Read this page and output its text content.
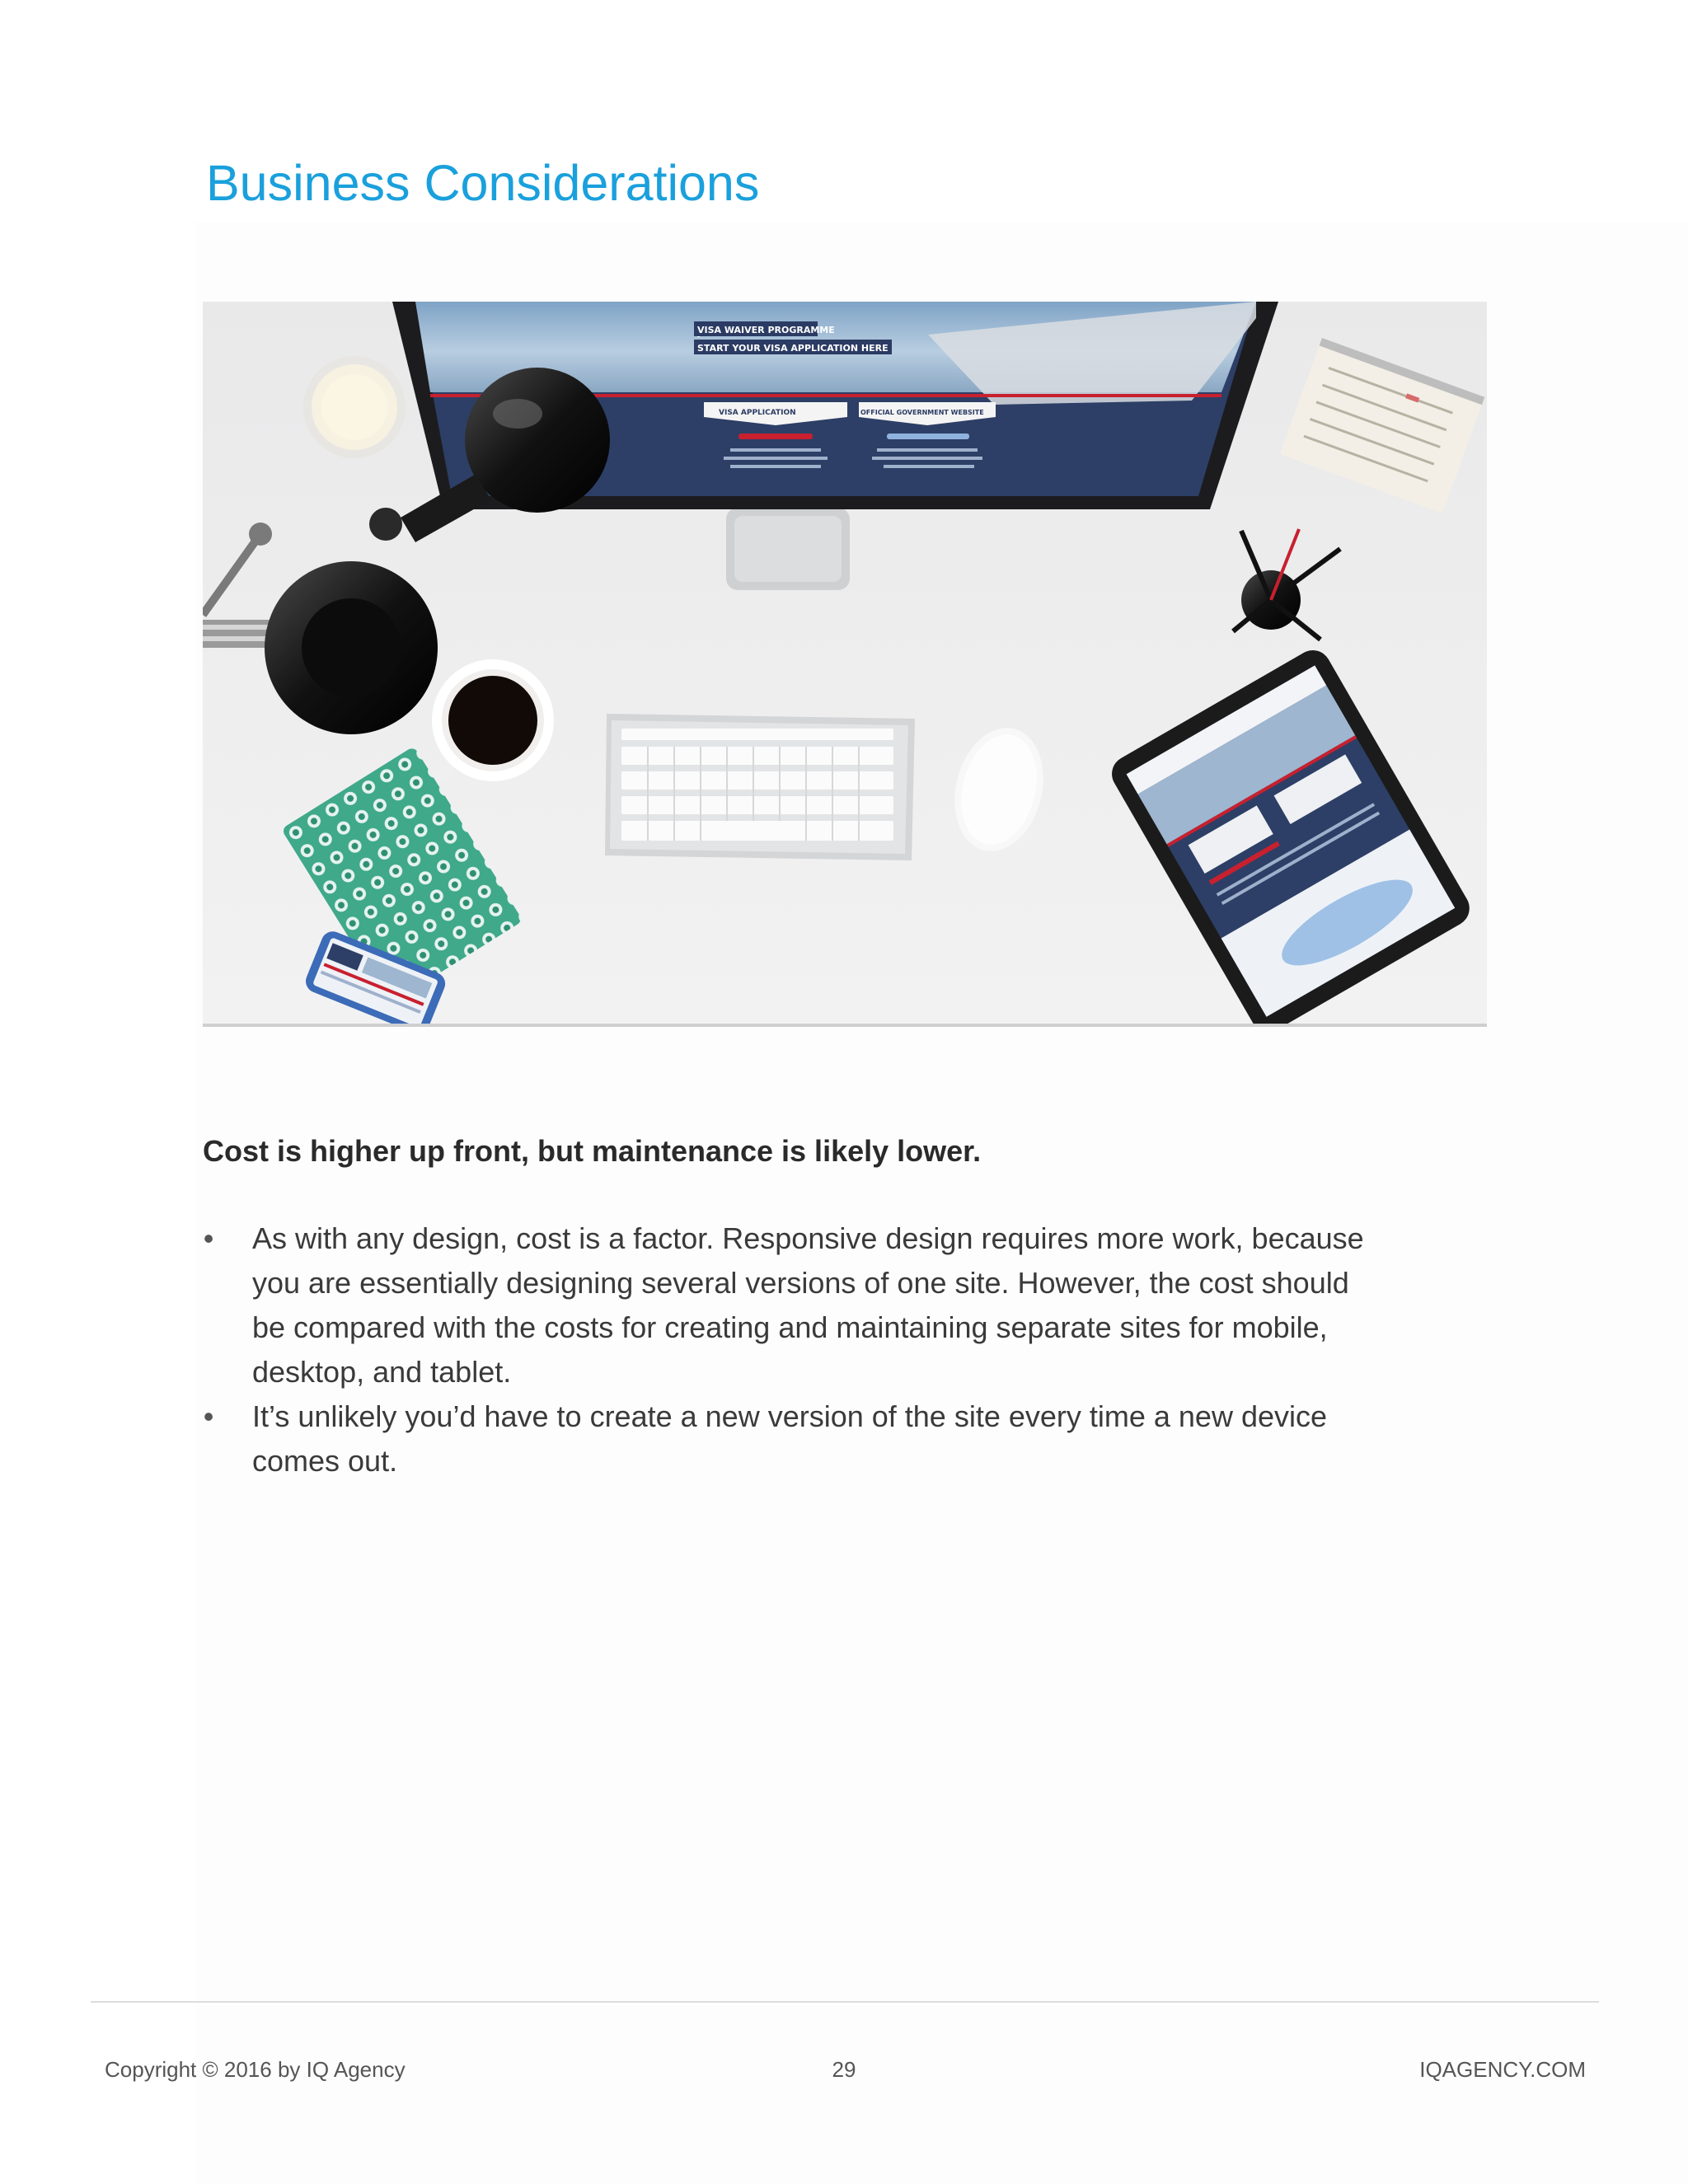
Business Considerations
VISA WAIVER PROGRAMME
START YOUR VISA APPLICATION HERE
VISA APPLICATION	OFFICIAL GOVERNMENT WEBSITE

Cost is higher up front, but maintenance is likely lower.

• As with any design, cost is a factor. Responsive design requires more work, because
you are essentially designing several versions of one site. However, the cost should
be compared with the costs for creating and maintaining separate sites for mobile,
desktop, and tablet.
• It’s unlikely you’d have to create a new version of the site every time a new device
comes out.
Copyright © 2016 by IQ Agency	29	IQAGENCY.COM
